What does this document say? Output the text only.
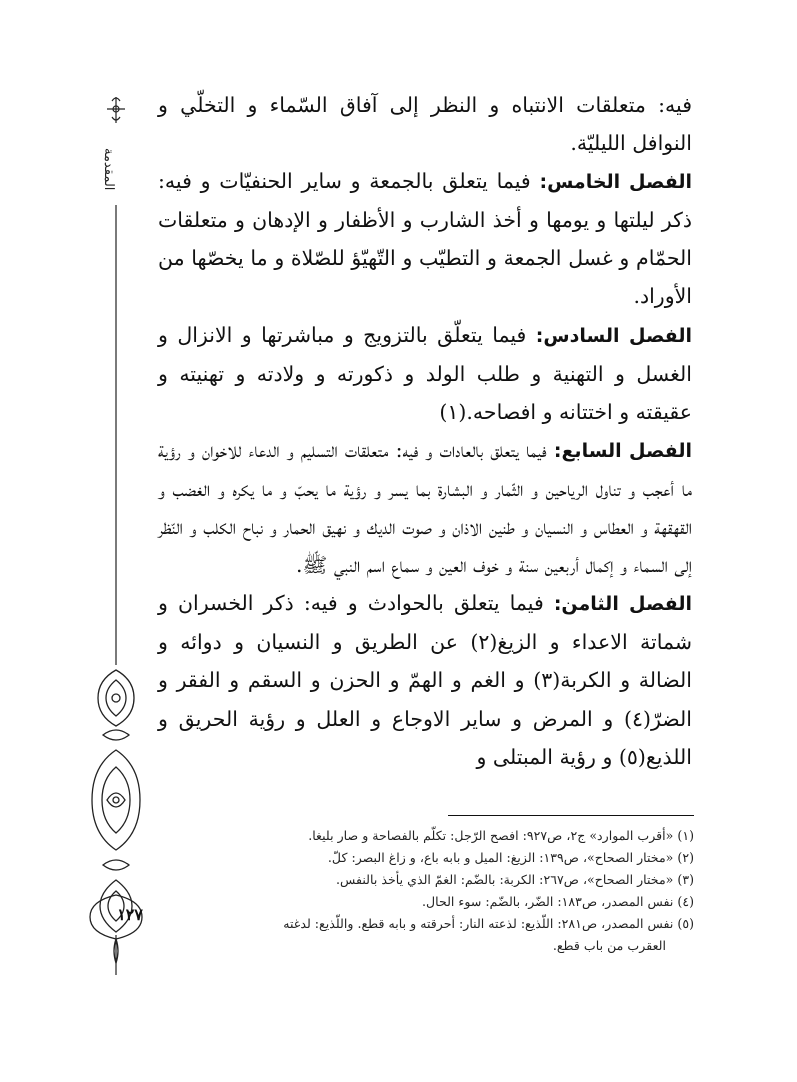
المقدمة

فيه: متعلقات الانتباه و النظر إلى آفاق السّماء و التخلّي و النوافل الليليّة.

الفصل الخامس: فيما يتعلق بالجمعة و ساير الحنفيّات و فيه: ذكر ليلتها و يومها و أخذ الشارب و الأظفار و الإدهان و متعلقات الحمّام و غسل الجمعة و التطيّب و التّهيّؤ للصّلاة و ما يخصّها من الأوراد.

الفصل السادس: فيما يتعلّق بالتزويج و مباشرتها و الانزال و الغسل و التهنية و طلب الولد و ذكورته و ولادته و تهنيته و عقيقته و اختتانه و افصاحه.(١)

الفصل السابع: فيما يتعلق بالعادات و فيه: متعلقات التسليم و الدعاء للاخوان و رؤية ما أعجب و تناول الرياحين و الثّمار و البشارة بما يسر و رؤية ما يحبّ و ما يكره و الغضب و القهقهة و العطاس و النسيان و طنين الاذان و صوت الديك و نهيق الحمار و نباح الكلب و النّظر إلى السماء و إكمال أربعين سنة و خوف العين و سماع اسم النبي ﷺ.

الفصل الثامن: فيما يتعلق بالحوادث و فيه: ذكر الخسران و شماتة الاعداء و الزيغ(٢) عن الطريق و النسيان و دوائه و الضالة و الكربة(٣) و الغم و الهمّ و الحزن و السقم و الفقر و الضرّ(٤) و المرض و ساير الاوجاع و العلل و رؤية الحريق و اللذيع(٥) و رؤية المبتلى و

(١) «أقرب الموارد» ج٢، ص٩٢٧: افصح الرّجل: تكلّم بالفصاحة و صار بليغا.

(٢) «مختار الصحاح»، ص١٣٩: الزيغ: الميل و بابه باع، و زاغ البصر: كلّ.

(٣) «مختار الصحاح»، ص٢٦٧: الكربة: بالضّم: الغمّ الذي يأخذ بالنفس.

(٤) نفس المصدر، ص١٨٣: الضّر، بالضّم: سوء الحال.

(٥) نفس المصدر، ص٢٨١: اللّذيع: لذعته النار: أحرقته و بابه قطع. واللّذيع: لدغته

العقرب من باب قطع.

١٢٧
